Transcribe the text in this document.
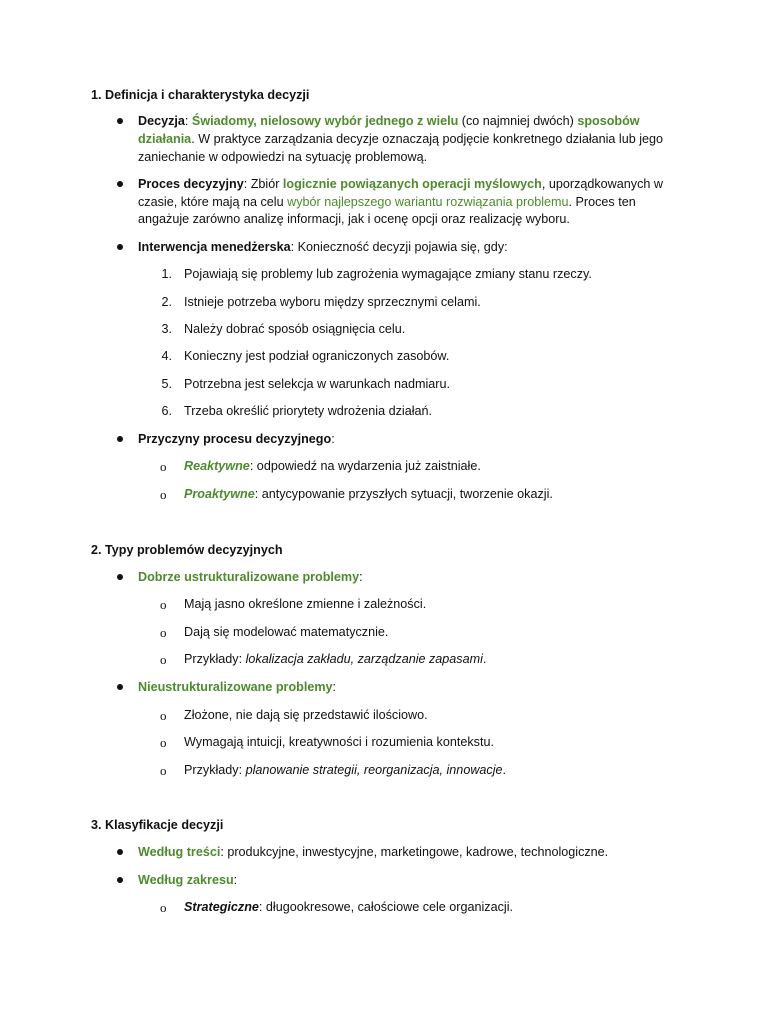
1. Definicja i charakterystyka decyzji
Decyzja: Świadomy, nielosowy wybór jednego z wielu (co najmniej dwóch) sposobów
działania. W praktyce zarządzania decyzje oznaczają podjęcie konkretnego działania lub jego
zaniechanie w odpowiedzi na sytuację problemową.
Proces decyzyjny: Zbiór logicznie powiązanych operacji myślowych, uporządkowanych w
czasie, które mają na celu wybór najlepszego wariantu rozwiązania problemu. Proces ten
angażuje zarówno analizę informacji, jak i ocenę opcji oraz realizację wyboru.
Interwencja menedżerska: Konieczność decyzji pojawia się, gdy:
1. Pojawiają się problemy lub zagrożenia wymagające zmiany stanu rzeczy.
2. Istnieje potrzeba wyboru między sprzecznymi celami.
3. Należy dobrać sposób osiągnięcia celu.
4. Konieczny jest podział ograniczonych zasobów.
5. Potrzebna jest selekcja w warunkach nadmiaru.
6. Trzeba określić priorytety wdrożenia działań.
Przyczyny procesu decyzyjnego:
o Reaktywne: odpowiedź na wydarzenia już zaistniałe.
o Proaktywne: antycypowanie przyszłych sytuacji, tworzenie okazji.
2. Typy problemów decyzyjnych
Dobrze ustrukturalizowane problemy:
o Mają jasno określone zmienne i zależności.
o Dają się modelować matematycznie.
o Przykłady: lokalizacja zakładu, zarządzanie zapasami.
Nieustrukturalizowane problemy:
o Złożone, nie dają się przedstawić ilościowo.
o Wymagają intuicji, kreatywności i rozumienia kontekstu.
o Przykłady: planowanie strategii, reorganizacja, innowacje.
3. Klasyfikacje decyzji
Według treści: produkcyjne, inwestycyjne, marketingowe, kadrowe, technologiczne.
Według zakresu:
o Strategiczne: długookresowe, całościowe cele organizacji.
